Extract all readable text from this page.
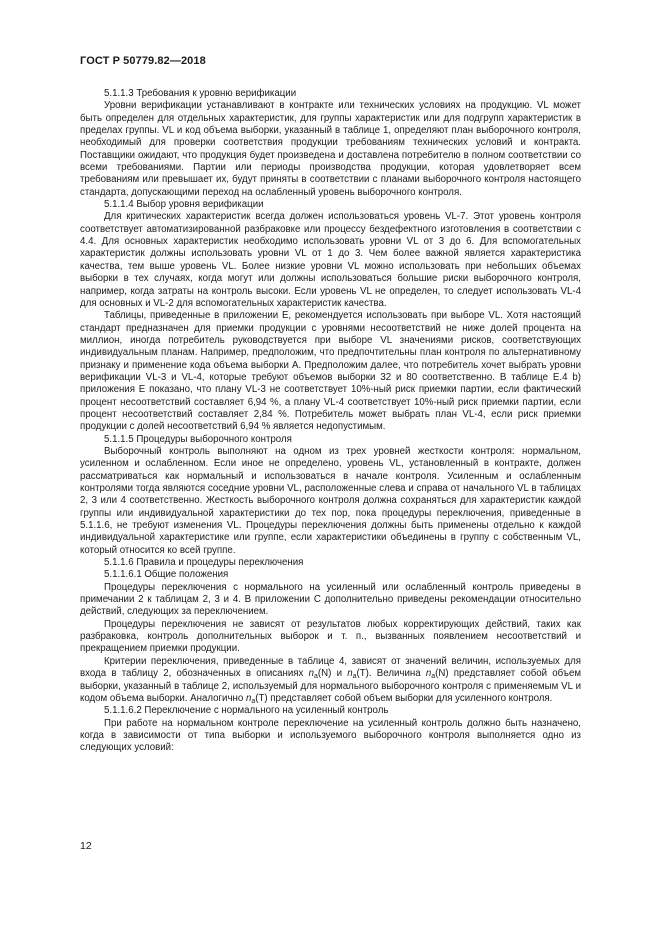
ГОСТ Р 50779.82—2018

5.1.1.3 Требования к уровню верификации

Уровни верификации устанавливают в контракте или технических условиях на продукцию. VL может быть определен для отдельных характеристик, для группы характеристик или для подгрупп характеристик в пределах группы. VL и код объема выборки, указанный в таблице 1, определяют план выборочного контроля, необходимый для проверки соответствия продукции требованиям технических условий и контракта. Поставщики ожидают, что продукция будет произведена и доставлена потребителю в полном соответствии со всеми требованиями. Партии или периоды производства продукции, которая удовлетворяет всем требованиям или превышает их, будут приняты в соответствии с планами выборочного контроля настоящего стандарта, допускающими переход на ослабленный уровень выборочного контроля.

5.1.1.4 Выбор уровня верификации

Для критических характеристик всегда должен использоваться уровень VL-7. Этот уровень контроля соответствует автоматизированной разбраковке или процессу бездефектного изготовления в соответствии с 4.4. Для основных характеристик необходимо использовать уровни VL от 3 до 6. Для вспомогательных характеристик должны использовать уровни VL от 1 до 3. Чем более важной является характеристика качества, тем выше уровень VL. Более низкие уровни VL можно использовать при небольших объемах выборки в тех случаях, когда могут или должны использоваться большие риски выборочного контроля, например, когда затраты на контроль высоки. Если уровень VL не определен, то следует использовать VL-4 для основных и VL-2 для вспомогательных характеристик качества.

Таблицы, приведенные в приложении Е, рекомендуется использовать при выборе VL. Хотя настоящий стандарт предназначен для приемки продукции с уровнями несоответствий не ниже долей процента на миллион, иногда потребитель руководствуется при выборе VL значениями рисков, соответствующих индивидуальным планам. Например, предположим, что предпочтительны план контроля по альтернативному признаку и применение кода объема выборки А. Предположим далее, что потребитель хочет выбрать уровни верификации VL-3 и VL-4, которые требуют объемов выборки 32 и 80 соответственно. В таблице Е.4 b) приложения Е показано, что плану VL-3 не соответствует 10%-ный риск приемки партии, если фактический процент несоответствий составляет 6,94 %, а плану VL-4 соответствует 10%-ный риск приемки партии, если процент несоответствий составляет 2,84 %. Потребитель может выбрать план VL-4, если риск приемки продукции с долей несоответствий 6,94 % является недопустимым.

5.1.1.5 Процедуры выборочного контроля

Выборочный контроль выполняют на одном из трех уровней жесткости контроля: нормальном, усиленном и ослабленном. Если иное не определено, уровень VL, установленный в контракте, должен рассматриваться как нормальный и использоваться в начале контроля. Усиленным и ослабленным контролями тогда являются соседние уровни VL, расположенные слева и справа от начального VL в таблицах 2, 3 или 4 соответственно. Жесткость выборочного контроля должна сохраняться для характеристик каждой группы или индивидуальной характеристики до тех пор, пока процедуры переключения, приведенные в 5.1.1.6, не требуют изменения VL. Процедуры переключения должны быть применены отдельно к каждой индивидуальной характеристике или группе, если характеристики объединены в группу с собственным VL, который относится ко всей группе.

5.1.1.6 Правила и процедуры переключения

5.1.1.6.1 Общие положения

Процедуры переключения с нормального на усиленный или ослабленный контроль приведены в примечании 2 к таблицам 2, 3 и 4. В приложении С дополнительно приведены рекомендации относительно действий, следующих за переключением.

Процедуры переключения не зависят от результатов любых корректирующих действий, таких как разбраковка, контроль дополнительных выборок и т. п., вызванных появлением несоответствий и прекращением приемки продукции.

Критерии переключения, приведенные в таблице 4, зависят от значений величин, используемых для входа в таблицу 2, обозначенных в описаниях $n_a(N)$ и $n_a(T)$. Величина $n_a(N)$ представляет собой объем выборки, указанный в таблице 2, используемый для нормального выборочного контроля с применяемым VL и кодом объема выборки. Аналогично $n_a(T)$ представляет собой объем выборки для усиленного контроля.

5.1.1.6.2 Переключение с нормального на усиленный контроль

При работе на нормальном контроле переключение на усиленный контроль должно быть назначено, когда в зависимости от типа выборки и используемого выборочного контроля выполняется одно из следующих условий:

12
